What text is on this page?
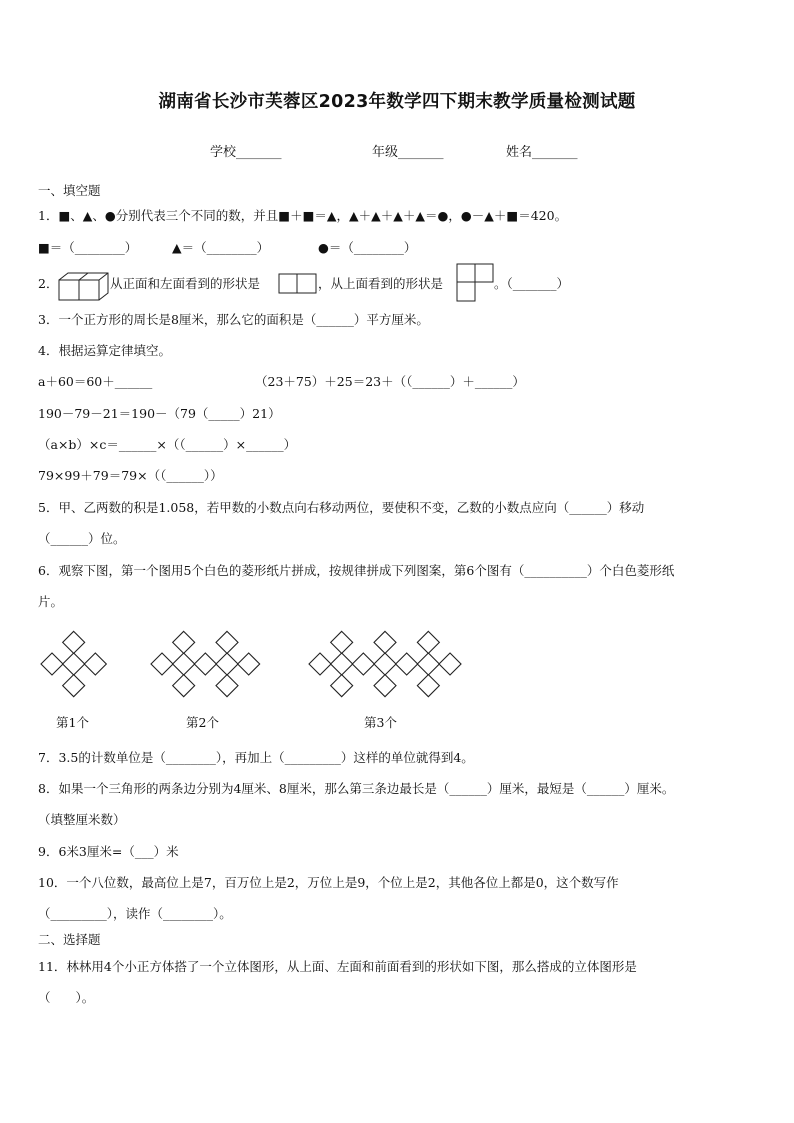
湖南省长沙市芙蓉区2023年数学四下期末教学质量检测试题
学校_______	年级_______	姓名_______
一、填空题
1．■、▲、●分别代表三个不同的数，并且■＋■＝▲，▲＋▲＋▲＋▲＝●，●－▲＋■＝420。
■＝（________）	▲＝（________）	●＝（________）
2．	从正面和左面看到的形状是	，从上面看到的形状是	。（_______）
3．一个正方形的周长是8厘米，那么它的面积是（______）平方厘米。
4．根据运算定律填空。
a＋60＝60＋______	（23＋75）＋25＝23＋（（______）＋______）
190－79－21＝190－（79（_____）21）
（a×b）×c＝______×（（______）×______）
79×99＋79＝79×（（______））
5．甲、乙两数的积是1.058，若甲数的小数点向右移动两位，要使积不变，乙数的小数点应向（______）移动
（______）位。
6．观察下图，第一个图用5个白色的菱形纸片拼成，按规律拼成下列图案，第6个图有（__________）个白色菱形纸
片。
第1个	第2个	第3个
7．3.5的计数单位是（________），再加上（_________）这样的单位就得到4。
8．如果一个三角形的两条边分别为4厘米、8厘米，那么第三条边最长是（______）厘米，最短是（______）厘米。
（填整厘米数）
9．6米3厘米=（___）米
10．一个八位数，最高位上是7，百万位上是2，万位上是9，个位上是2，其他各位上都是0，这个数写作
（_________），读作（________）。
二、选择题
11．林林用4个小正方体搭了一个立体图形，从上面、左面和前面看到的形状如下图，那么搭成的立体图形是
（　　）。
